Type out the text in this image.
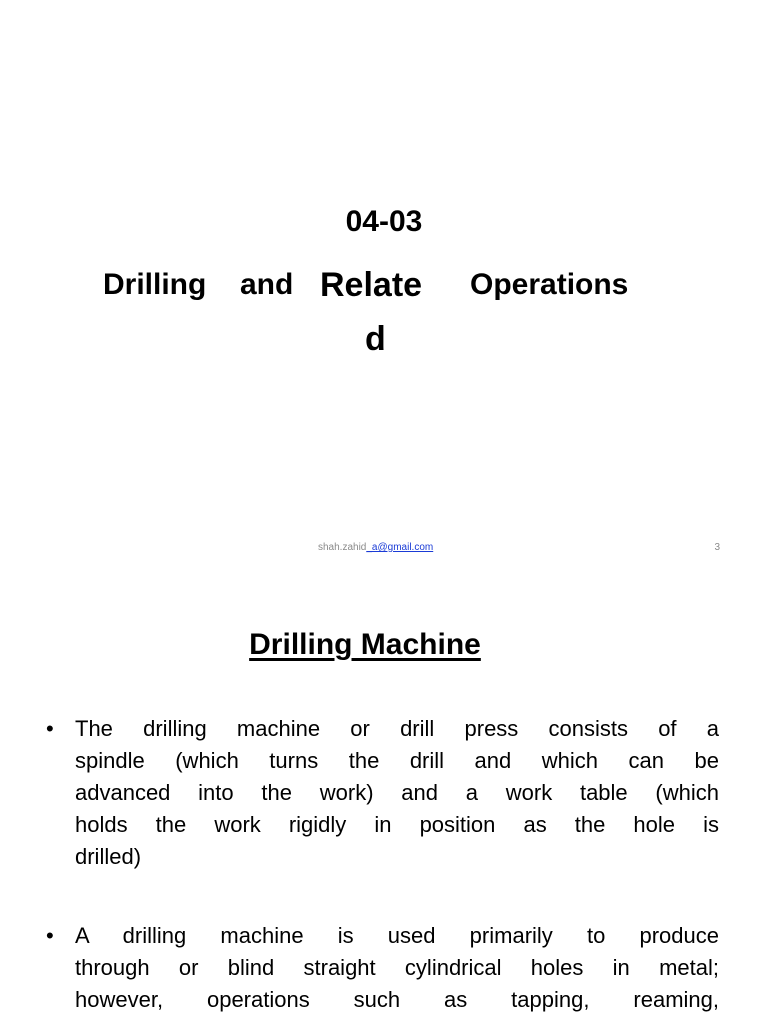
04-03
Drilling and Relate
d
Operations
shah.zahid_a@gmail.com	3
Drilling Machine
• The drilling machine or drill press consists of a
spindle (which turns the drill and which can be
advanced into the work) and a work table (which
holds the work rigidly in position as the hole is
drilled)
• A drilling machine is used primarily to produce
through or blind straight cylindrical holes in metal;
however, operations such as tapping, reaming,
